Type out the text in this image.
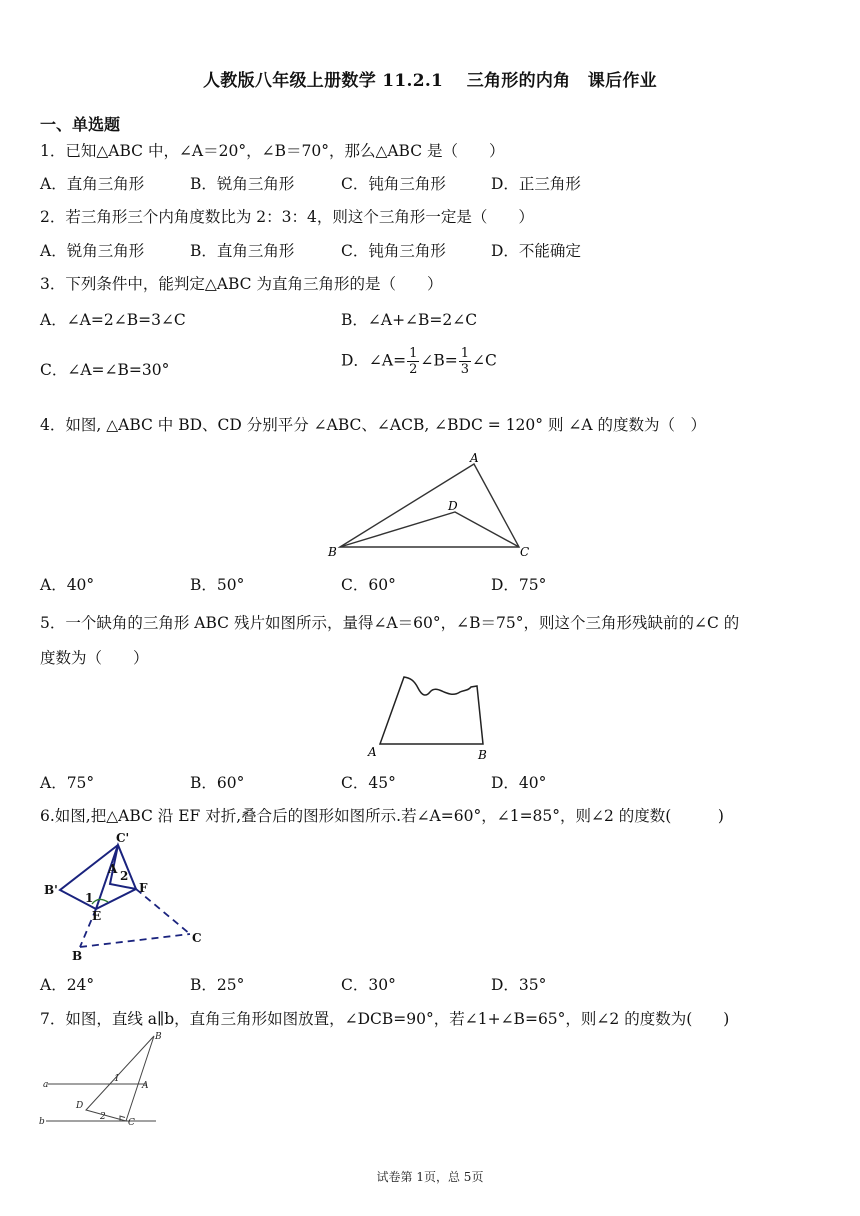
人教版八年级上册数学 11.2.1　 三角形的内角　课后作业
一、单选题
1．已知△ABC 中，∠A＝20°，∠B＝70°，那么△ABC 是（　　）
A．直角三角形	B．锐角三角形	C．钝角三角形	D．正三角形
2．若三角形三个内角度数比为 2：3：4，则这个三角形一定是（　　）
A．锐角三角形	B．直角三角形	C．钝角三角形	D．不能确定
3．下列条件中，能判定△ABC 为直角三角形的是（　　）
A．∠A=2∠B=3∠C	B．∠A+∠B=2∠C
C．∠A=∠B=30°
D．∠A= $\frac{1}{2}$ ∠B= $\frac{1}{3}$ ∠C
4．如图, △ABC 中 BD、CD 分别平分 ∠ABC、∠ACB, ∠BDC = 120° 则 ∠A 的度数为（　）
A
B	C
D
A．40°	B．50°	C．60°	D．75°
5．一个缺角的三角形 ABC 残片如图所示，量得∠A＝60°，∠B＝75°，则这个三角形残缺前的∠C 的
度数为（　　）
A	B
A．75°	B．60°	C．45°	D．40°
6.如图,把△ABC 沿 EF 对折,叠合后的图形如图所示.若∠A=60°，∠1=85°，则∠2 的度数(　　　)
C'
A 2
B'
1
F
E
B
C
A．24°	B．25°	C．30°	D．35°
7．如图，直线 a∥b，直角三角形如图放置，∠DCB=90°，若∠1+∠B=65°，则∠2 的度数为(　　)
B
a
1
A
D
b	2
C
试卷第 1页，总 5页
